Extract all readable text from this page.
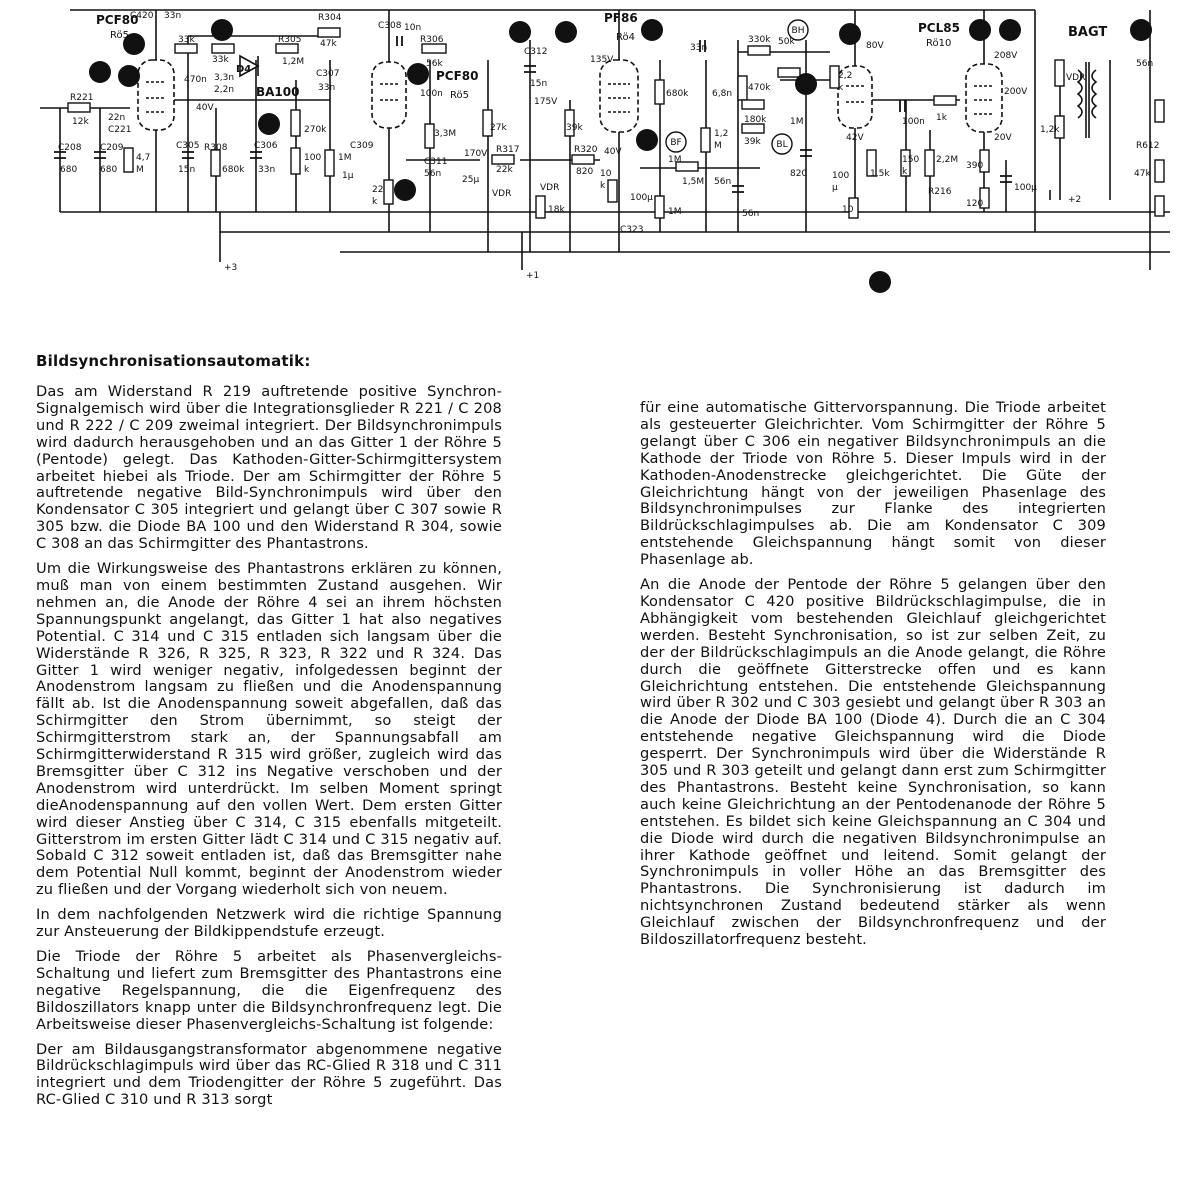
17
15 16
18
19
20	23	24
21
22
25
26
27
28
29 30	31
BH
BF	BL
PCF80
Rö5
PCF80
Rö5
PF86
Rö4
PCL85
Rö10
BAGT
BA100
D4
C420 33n
33k
33k
R304
47k
R305
1,2M
C308 10n
R306
56k
C307
33n
3,3n
2,2n
470n
R221
12k 22n
C221
C208
680
C209
680
4,7
M
C305
15n
40V
R308
680k
C306
33n
100
k
270k
1M
1µ
C309
22
k
100n
3,3M
56n
C311
C312
15n
27k	39k
175V
135V
R317
22k
170V
25µ
VDR
VDR
18k
R320
820 10
k
100µ
C323
40V
680k
33n
6,8n
330k
470k
50k
180k
39k
1M
1,2
M
56n
56n
1,5M
1M
1M
820
2,2
k
80V
100n 1k
150
k
2,2M
1,5k
100
µ
10
42V
R216
390
120
100µ
208V
200V
20V
VDR
1,2k
56n
47k
R612
+3
+1
+2
Bildsynchronisationsautomatik:

Das am Widerstand R 219 auftretende positive Synchron-Signalgemisch wird über die Integrationsglieder R 221 / C 208 und R 222 / C 209 zweimal integriert. Der Bildsynchronimpuls wird dadurch herausgehoben und an das Gitter 1 der Röhre 5 (Pentode) gelegt. Das Kathoden-Gitter-Schirmgittersystem arbeitet hiebei als Triode. Der am Schirmgitter der Röhre 5 auftretende negative Bild-Synchronimpuls wird über den Kondensator C 305 integriert und gelangt über C 307 sowie R 305 bzw. die Diode BA 100 und den Widerstand R 304, sowie C 308 an das Schirmgitter des Phantastrons.

Um die Wirkungsweise des Phantastrons erklären zu können, muß man von einem bestimmten Zustand ausgehen. Wir nehmen an, die Anode der Röhre 4 sei an ihrem höchsten Spannungspunkt angelangt, das Gitter 1 hat also negatives Potential. C 314 und C 315 entladen sich langsam über die Widerstände R 326, R 325, R 323, R 322 und R 324. Das Gitter 1 wird weniger negativ, infolgedessen beginnt der Anodenstrom langsam zu fließen und die Anodenspannung fällt ab. Ist die Anodenspannung soweit abgefallen, daß das Schirmgitter den Strom übernimmt, so steigt der Schirmgitterstrom stark an, der Spannungsabfall am Schirmgitterwiderstand R 315 wird größer, zugleich wird das Bremsgitter über C 312 ins Negative verschoben und der Anodenstrom wird unterdrückt. Im selben Moment springt dieAnodenspannung auf den vollen Wert. Dem ersten Gitter wird dieser Anstieg über C 314, C 315 ebenfalls mitgeteilt. Gitterstrom im ersten Gitter lädt C 314 und C 315 negativ auf. Sobald C 312 soweit entladen ist, daß das Bremsgitter nahe dem Potential Null kommt, beginnt der Anodenstrom wieder zu fließen und der Vorgang wiederholt sich von neuem.

In dem nachfolgenden Netzwerk wird die richtige Spannung zur Ansteuerung der Bildkippendstufe erzeugt.

Die Triode der Röhre 5 arbeitet als Phasenvergleichs-Schaltung und liefert zum Bremsgitter des Phantastrons eine negative Regelspannung, die die Eigenfrequenz des Bildoszillators knapp unter die Bildsynchronfrequenz legt. Die Arbeitsweise dieser Phasenvergleichs-Schaltung ist folgende:

Der am Bildausgangstransformator abgenommene negative Bildrückschlagimpuls wird über das RC-Glied R 318 und C 311 integriert und dem Triodengitter der Röhre 5 zugeführt. Das RC-Glied C 310 und R 313 sorgt

für eine automatische Gittervorspannung. Die Triode arbeitet als gesteuerter Gleichrichter. Vom Schirmgitter der Röhre 5 gelangt über C 306 ein negativer Bildsynchronimpuls an die Kathode der Triode von Röhre 5. Dieser Impuls wird in der Kathoden-Anodenstrecke gleichgerichtet. Die Güte der Gleichrichtung hängt von der jeweiligen Phasenlage des Bildsynchronimpulses zur Flanke des integrierten Bildrückschlagimpulses ab. Die am Kondensator C 309 entstehende Gleichspannung hängt somit von dieser Phasenlage ab.

An die Anode der Pentode der Röhre 5 gelangen über den Kondensator C 420 positive Bildrückschlagimpulse, die in Abhängigkeit vom bestehenden Gleichlauf gleichgerichtet werden. Besteht Synchronisation, so ist zur selben Zeit, zu der der Bildrückschlagimpuls an die Anode gelangt, die Röhre durch die geöffnete Gitterstrecke offen und es kann Gleichrichtung entstehen. Die entstehende Gleichspannung wird über R 302 und C 303 gesiebt und gelangt über R 303 an die Anode der Diode BA 100 (Diode 4). Durch die an C 304 entstehende negative Gleichspannung wird die Diode gesperrt. Der Synchronimpuls wird über die Widerstände R 305 und R 303 geteilt und gelangt dann erst zum Schirmgitter des Phantastrons. Besteht keine Synchronisation, so kann auch keine Gleichrichtung an der Pentodenanode der Röhre 5 entstehen. Es bildet sich keine Gleichspannung an C 304 und die Diode wird durch die negativen Bildsynchronimpulse an ihrer Kathode geöffnet und leitend. Somit gelangt der Synchronimpuls in voller Höhe an das Bremsgitter des Phantastrons. Die Synchronisierung ist dadurch im nichtsynchronen Zustand bedeutend stärker als wenn Gleichlauf zwischen der Bildsynchronfrequenz und der Bildoszillatorfrequenz besteht.
